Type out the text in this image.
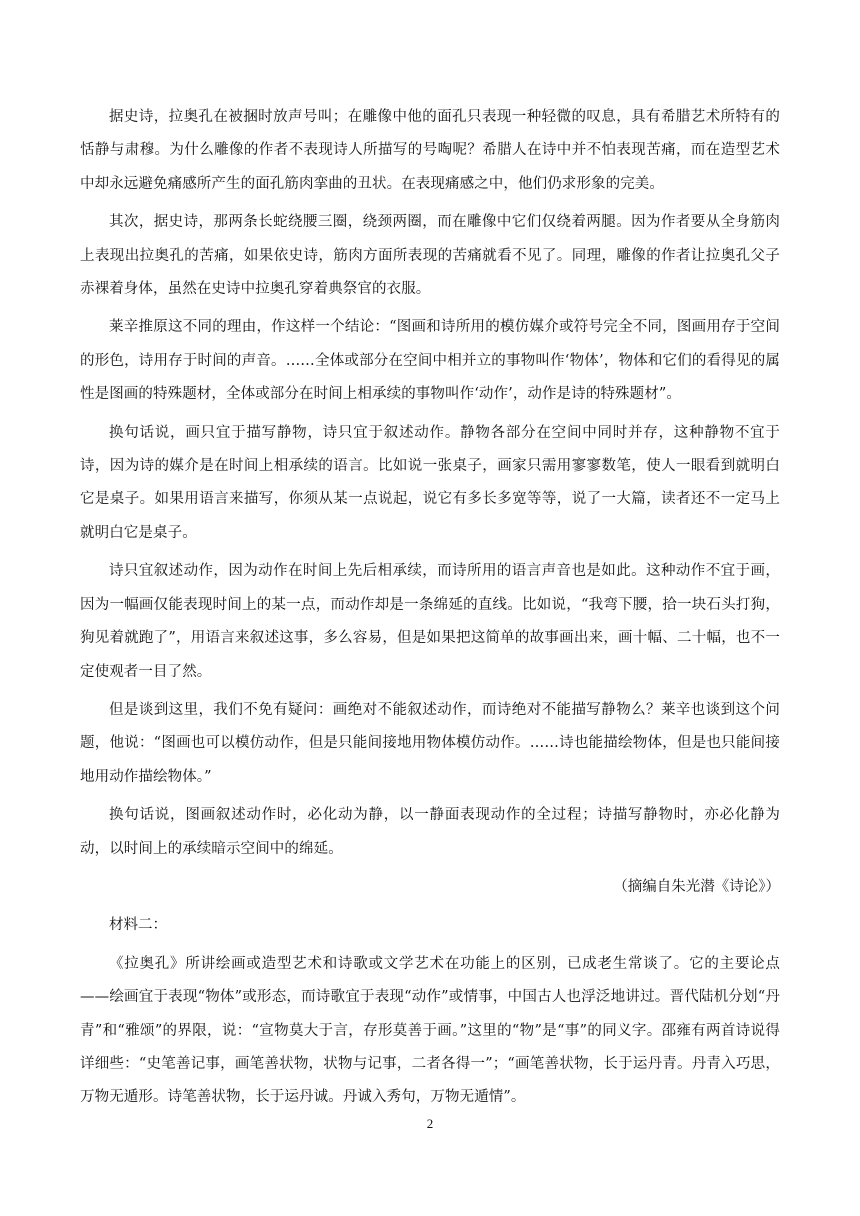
据史诗，拉奥孔在被捆时放声号叫；在雕像中他的面孔只表现一种轻微的叹息，具有希腊艺术所特有的恬静与肃穆。为什么雕像的作者不表现诗人所描写的号啕呢？希腊人在诗中并不怕表现苦痛，而在造型艺术中却永远避免痛感所产生的面孔筋肉挛曲的丑状。在表现痛感之中，他们仍求形象的完美。

其次，据史诗，那两条长蛇绕腰三圈，绕颈两圈，而在雕像中它们仅绕着两腿。因为作者要从全身筋肉上表现出拉奥孔的苦痛，如果依史诗，筋肉方面所表现的苦痛就看不见了。同理，雕像的作者让拉奥孔父子赤裸着身体，虽然在史诗中拉奥孔穿着典祭官的衣服。

莱辛推原这不同的理由，作这样一个结论：“图画和诗所用的模仿媒介或符号完全不同，图画用存于空间的形色，诗用存于时间的声音。……全体或部分在空间中相并立的事物叫作‘物体’，物体和它们的看得见的属性是图画的特殊题材，全体或部分在时间上相承续的事物叫作‘动作’，动作是诗的特殊题材”。

换句话说，画只宜于描写静物，诗只宜于叙述动作。静物各部分在空间中同时并存，这种静物不宜于诗，因为诗的媒介是在时间上相承续的语言。比如说一张桌子，画家只需用寥寥数笔，使人一眼看到就明白它是桌子。如果用语言来描写，你须从某一点说起，说它有多长多宽等等，说了一大篇，读者还不一定马上就明白它是桌子。

诗只宜叙述动作，因为动作在时间上先后相承续，而诗所用的语言声音也是如此。这种动作不宜于画，因为一幅画仅能表现时间上的某一点，而动作却是一条绵延的直线。比如说，“我弯下腰，拾一块石头打狗，狗见着就跑了”，用语言来叙述这事，多么容易，但是如果把这简单的故事画出来，画十幅、二十幅，也不一定使观者一目了然。

但是谈到这里，我们不免有疑问：画绝对不能叙述动作，而诗绝对不能描写静物么？莱辛也谈到这个问题，他说：“图画也可以模仿动作，但是只能间接地用物体模仿动作。……诗也能描绘物体，但是也只能间接地用动作描绘物体。”

换句话说，图画叙述动作时，必化动为静，以一静面表现动作的全过程；诗描写静物时，亦必化静为动，以时间上的承续暗示空间中的绵延。

（摘编自朱光潜《诗论》）

材料二：

《拉奥孔》所讲绘画或造型艺术和诗歌或文学艺术在功能上的区别，已成老生常谈了。它的主要论点——绘画宜于表现“物体”或形态，而诗歌宜于表现“动作”或情事，中国古人也浮泛地讲过。晋代陆机分划“丹青”和“雅颂”的界限，说：“宣物莫大于言，存形莫善于画。”这里的“物”是“事”的同义字。邵雍有两首诗说得详细些：“史笔善记事，画笔善状物，状物与记事，二者各得一”；“画笔善状物，长于运丹青。丹青入巧思，万物无遁形。诗笔善状物，长于运丹诚。丹诚入秀句，万物无遁情”。

2
